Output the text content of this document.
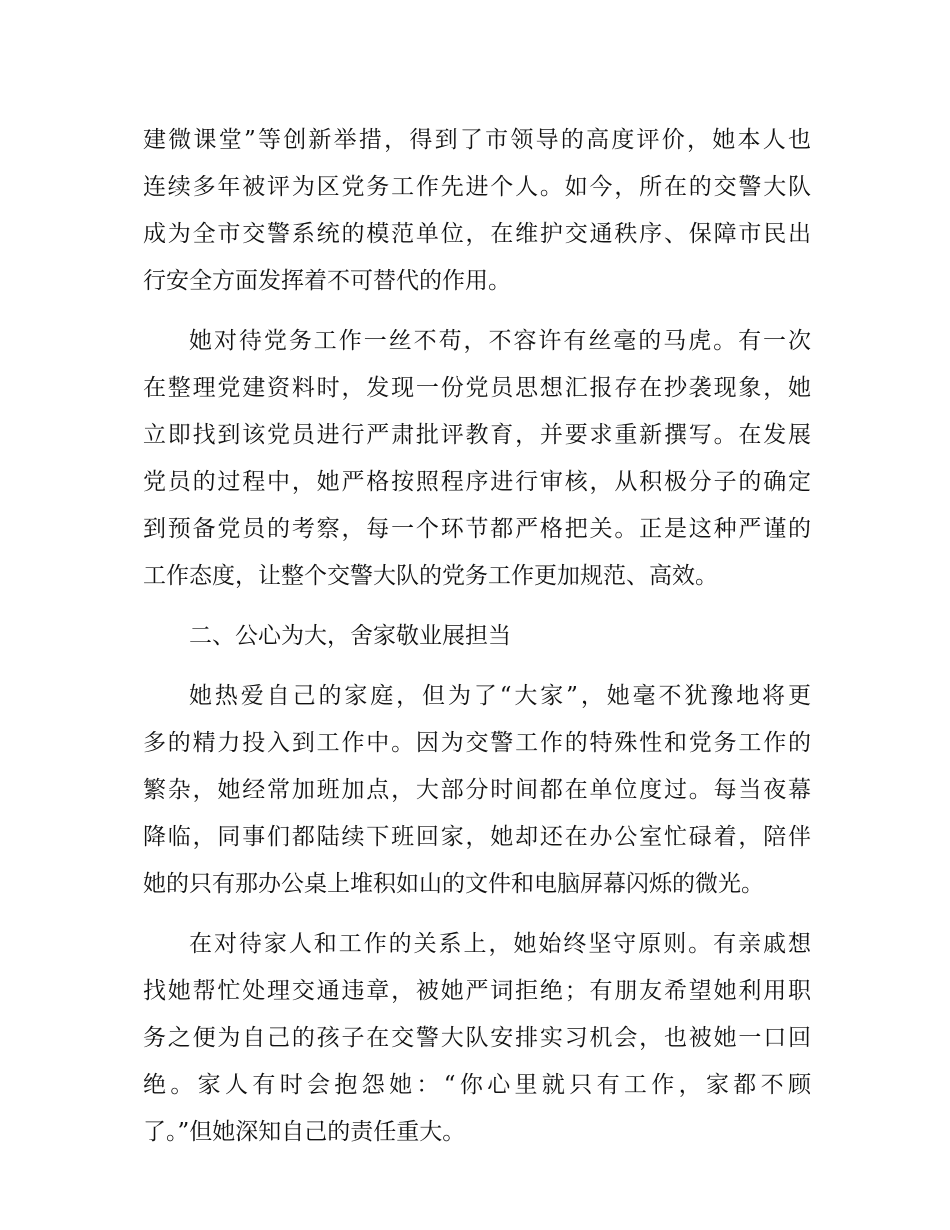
建微课堂”等创新举措，得到了市领导的高度评价，她本人也
连续多年被评为区党务工作先进个人。如今，所在的交警大队
成为全市交警系统的模范单位，在维护交通秩序、保障市民出
行安全方面发挥着不可替代的作用。
她对待党务工作一丝不苟，不容许有丝毫的马虎。有一次
在整理党建资料时，发现一份党员思想汇报存在抄袭现象，她
立即找到该党员进行严肃批评教育，并要求重新撰写。在发展
党员的过程中，她严格按照程序进行审核，从积极分子的确定
到预备党员的考察，每一个环节都严格把关。正是这种严谨的
工作态度，让整个交警大队的党务工作更加规范、高效。
二、公心为大，舍家敬业展担当
她热爱自己的家庭，但为了“大家”，她毫不犹豫地将更
多的精力投入到工作中。因为交警工作的特殊性和党务工作的
繁杂，她经常加班加点，大部分时间都在单位度过。每当夜幕
降临，同事们都陆续下班回家，她却还在办公室忙碌着，陪伴
她的只有那办公桌上堆积如山的文件和电脑屏幕闪烁的微光。
在对待家人和工作的关系上，她始终坚守原则。有亲戚想
找她帮忙处理交通违章，被她严词拒绝；有朋友希望她利用职
务之便为自己的孩子在交警大队安排实习机会，也被她一口回
绝。家人有时会抱怨她：“你心里就只有工作，家都不顾
了。”但她深知自己的责任重大。
